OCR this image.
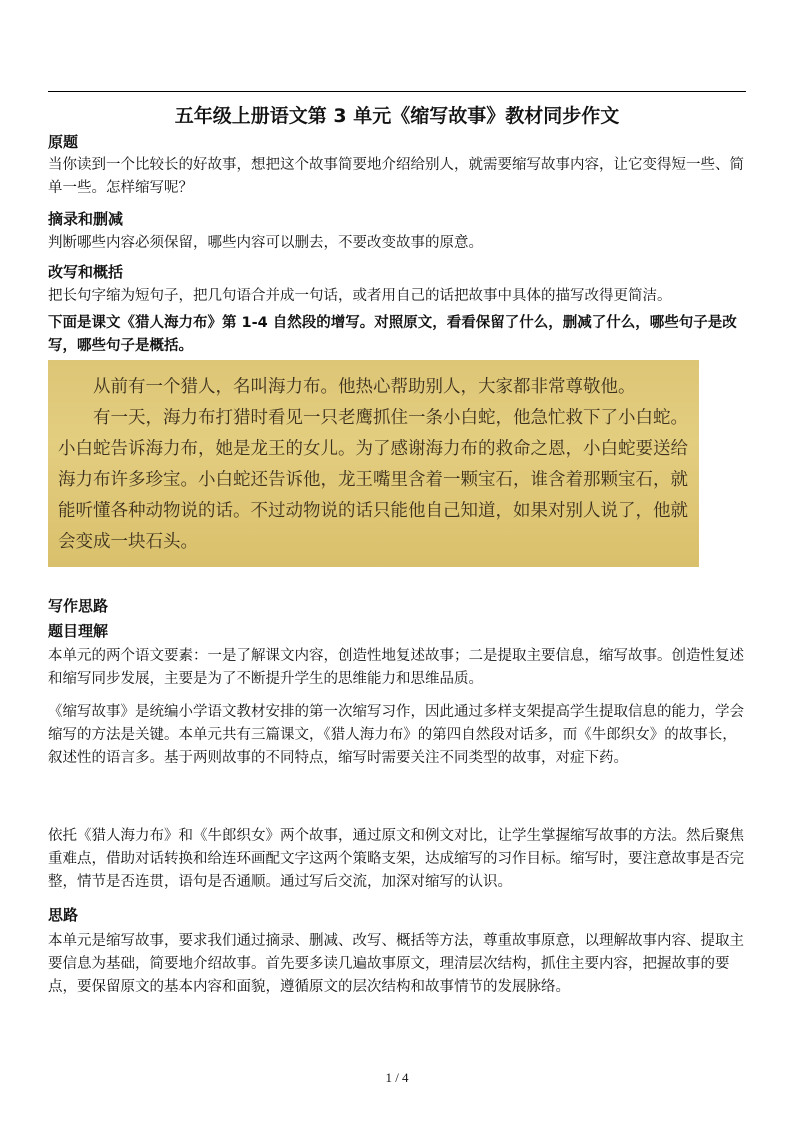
五年级上册语文第 3 单元《缩写故事》教材同步作文
原题
当你读到一个比较长的好故事，想把这个故事简要地介绍给别人，就需要缩写故事内容，让它变得短一些、简单一些。怎样缩写呢？
摘录和删减
判断哪些内容必须保留，哪些内容可以删去，不要改变故事的原意。
改写和概括
把长句字缩为短句子，把几句语合并成一句话，或者用自己的话把故事中具体的描写改得更简洁。
下面是课文《猎人海力布》第 1-4 自然段的增写。对照原文，看看保留了什么，删减了什么，哪些句子是改写，哪些句子是概括。

从前有一个猎人，名叫海力布。他热心帮助别人，大家都非常尊敬他。

有一天，海力布打猎时看见一只老鹰抓住一条小白蛇，他急忙救下了小白蛇。小白蛇告诉海力布，她是龙王的女儿。为了感谢海力布的救命之恩，小白蛇要送给海力布许多珍宝。小白蛇还告诉他，龙王嘴里含着一颗宝石，谁含着那颗宝石，就能听懂各种动物说的话。不过动物说的话只能他自己知道，如果对别人说了，他就会变成一块石头。

写作思路
题目理解
本单元的两个语文要素：一是了解课文内容，创造性地复述故事；二是提取主要信息，缩写故事。创造性复述和缩写同步发展，主要是为了不断提升学生的思维能力和思维品质。
《缩写故事》是统编小学语文教材安排的第一次缩写习作，因此通过多样支架提高学生提取信息的能力，学会缩写的方法是关键。本单元共有三篇课文，《猎人海力布》的第四自然段对话多，而《牛郎织女》的故事长，叙述性的语言多。基于两则故事的不同特点，缩写时需要关注不同类型的故事，对症下药。
依托《猎人海力布》和《牛郎织女》两个故事，通过原文和例文对比，让学生掌握缩写故事的方法。然后聚焦重难点，借助对话转换和给连环画配文字这两个策略支架，达成缩写的习作目标。缩写时，要注意故事是否完整，情节是否连贯，语句是否通顺。通过写后交流，加深对缩写的认识。
思路
本单元是缩写故事，要求我们通过摘录、删减、改写、概括等方法，尊重故事原意，以理解故事内容、提取主要信息为基础，简要地介绍故事。首先要多读几遍故事原文，理清层次结构，抓住主要内容，把握故事的要点，要保留原文的基本内容和面貌，遵循原文的层次结构和故事情节的发展脉络。
1 / 4
